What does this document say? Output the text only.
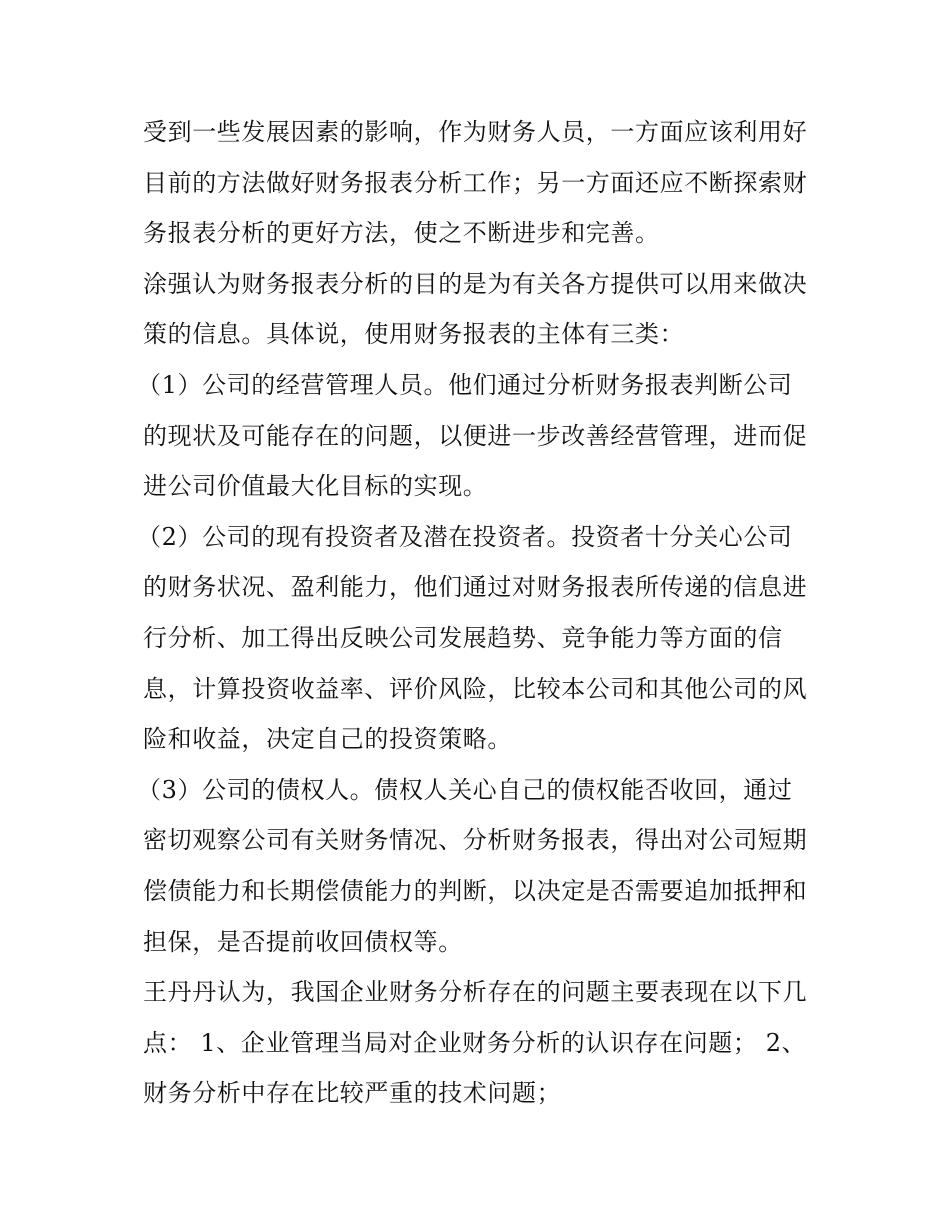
受到一些发展因素的影响，作为财务人员，一方面应该利用好
目前的方法做好财务报表分析工作；另一方面还应不断探索财
务报表分析的更好方法，使之不断进步和完善。
涂强认为财务报表分析的目的是为有关各方提供可以用来做决
策的信息。具体说，使用财务报表的主体有三类：
（1）公司的经营管理人员。他们通过分析财务报表判断公司
的现状及可能存在的问题，以便进一步改善经营管理，进而促
进公司价值最大化目标的实现。
（2）公司的现有投资者及潜在投资者。投资者十分关心公司
的财务状况、盈利能力，他们通过对财务报表所传递的信息进
行分析、加工得出反映公司发展趋势、竞争能力等方面的信
息，计算投资收益率、评价风险，比较本公司和其他公司的风
险和收益，决定自己的投资策略。
（3）公司的债权人。债权人关心自己的债权能否收回，通过
密切观察公司有关财务情况、分析财务报表，得出对公司短期
偿债能力和长期偿债能力的判断，以决定是否需要追加抵押和
担保，是否提前收回债权等。
王丹丹认为，我国企业财务分析存在的问题主要表现在以下几
点： 1、企业管理当局对企业财务分析的认识存在问题； 2、
财务分析中存在比较严重的技术问题；
